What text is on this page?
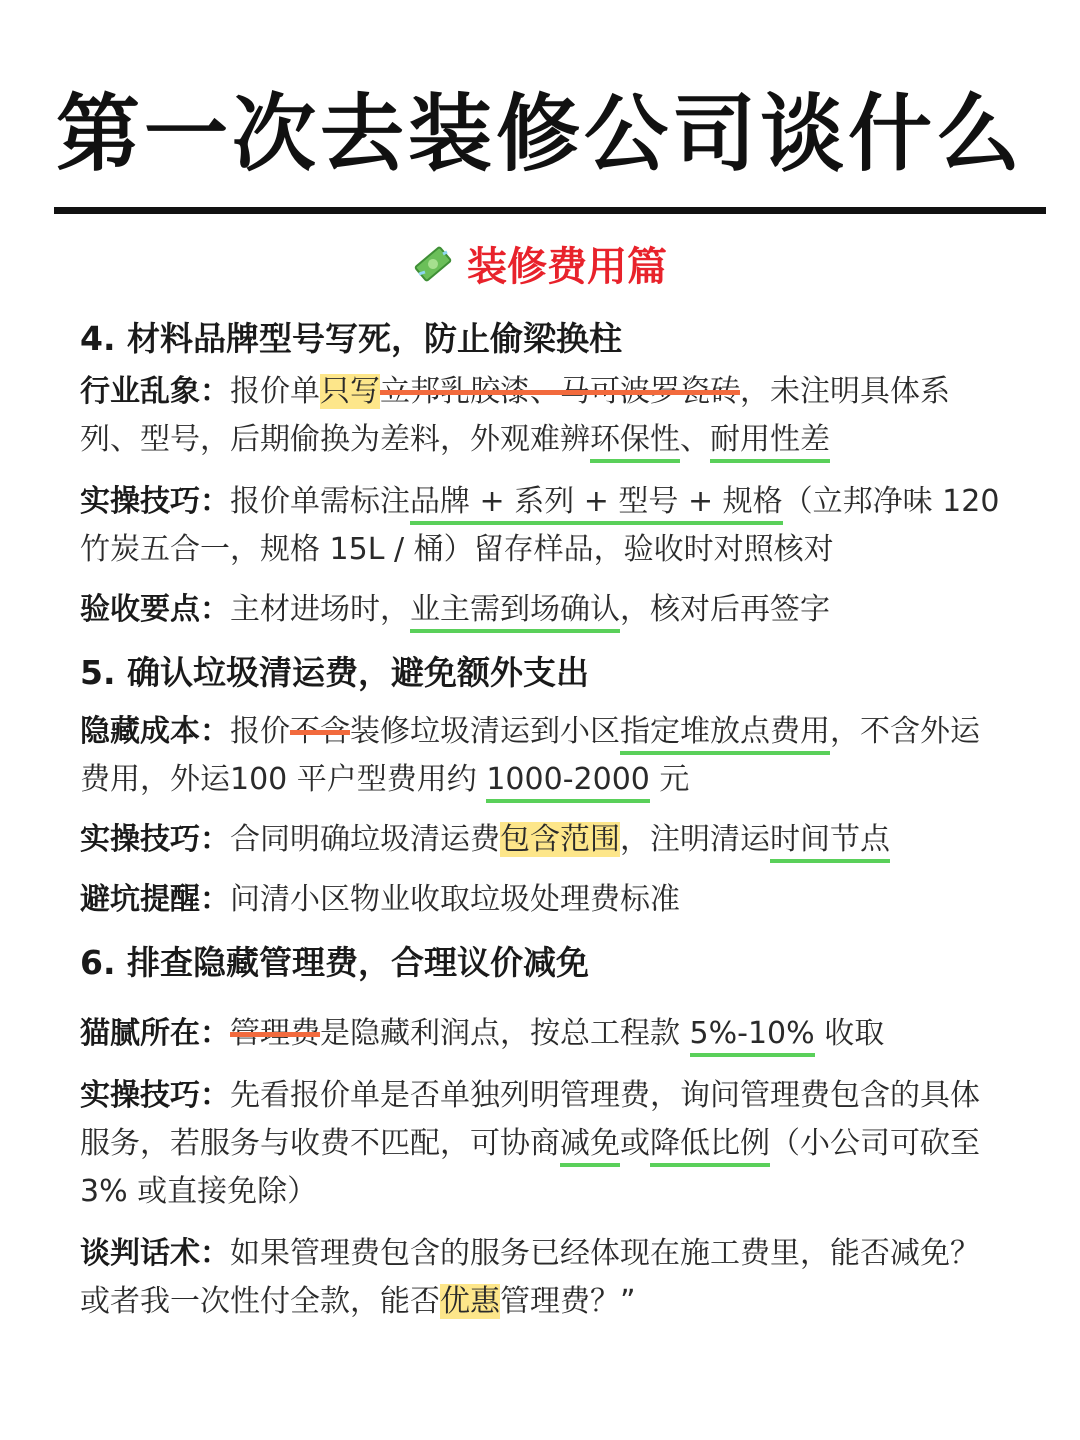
第一次去装修公司谈什么
装修费用篇
4. 材料品牌型号写死，防止偷梁换柱
行业乱象：报价单只写立邦乳胶漆、马可波罗瓷砖，未注明具体系列、型号，后期偷换为差料，外观难辨环保性、耐用性差
实操技巧：报价单需标注品牌 + 系列 + 型号 + 规格（立邦净味 120 竹炭五合一，规格 15L / 桶）留存样品，验收时对照核对
验收要点：主材进场时，业主需到场确认，核对后再签字
5. 确认垃圾清运费，避免额外支出
隐藏成本：报价不含装修垃圾清运到小区指定堆放点费用，不含外运费用，外运100 平户型费用约 1000-2000 元
实操技巧：合同明确垃圾清运费包含范围，注明清运时间节点
避坑提醒：问清小区物业收取垃圾处理费标准
6. 排查隐藏管理费，合理议价减免
猫腻所在：管理费是隐藏利润点，按总工程款 5%-10% 收取
实操技巧：先看报价单是否单独列明管理费，询问管理费包含的具体服务，若服务与收费不匹配，可协商减免或降低比例（小公司可砍至 3% 或直接免除）
谈判话术：如果管理费包含的服务已经体现在施工费里，能否减免？或者我一次性付全款，能否优惠管理费？”
